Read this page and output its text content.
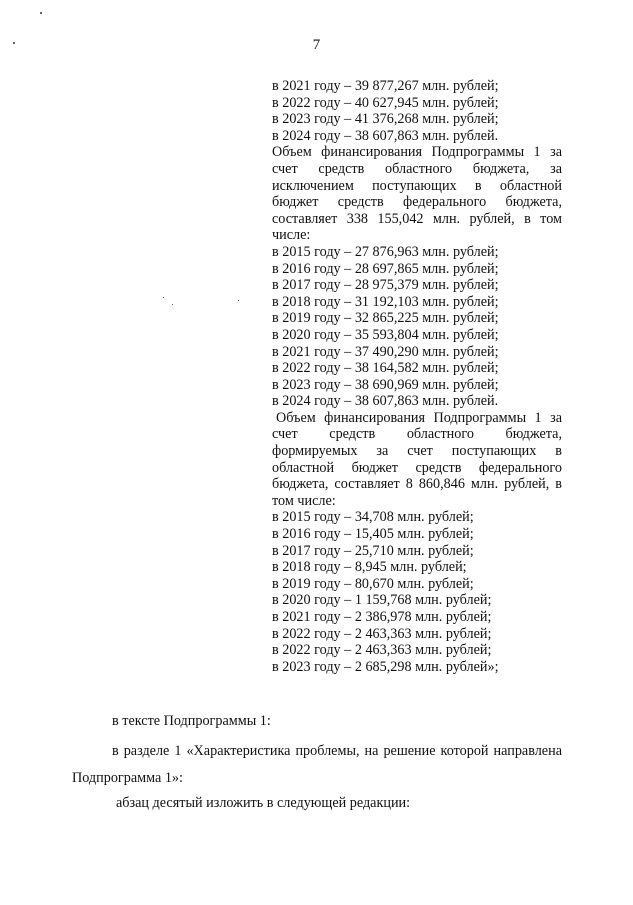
7
в 2021 году – 39 877,267 млн. рублей;
в 2022 году – 40 627,945 млн. рублей;
в 2023 году – 41 376,268 млн. рублей;
в 2024 году – 38 607,863 млн. рублей.
Объем финансирования Подпрограммы 1 за счет средств областного бюджета, за исключением поступающих в областной бюджет средств федерального бюджета, составляет 338 155,042 млн. рублей, в том числе:
в 2015 году – 27 876,963 млн. рублей;
в 2016 году – 28 697,865 млн. рублей;
в 2017 году – 28 975,379 млн. рублей;
в 2018 году – 31 192,103 млн. рублей;
в 2019 году – 32 865,225 млн. рублей;
в 2020 году – 35 593,804 млн. рублей;
в 2021 году – 37 490,290 млн. рублей;
в 2022 году – 38 164,582 млн. рублей;
в 2023 году – 38 690,969 млн. рублей;
в 2024 году – 38 607,863 млн. рублей.
Объем финансирования Подпрограммы 1 за счет средств областного бюджета, формируемых за счет поступающих в областной бюджет средств федерального бюджета, составляет 8 860,846 млн. рублей, в том числе:
в 2015 году – 34,708 млн. рублей;
в 2016 году – 15,405 млн. рублей;
в 2017 году – 25,710 млн. рублей;
в 2018 году – 8,945 млн. рублей;
в 2019 году – 80,670 млн. рублей;
в 2020 году – 1 159,768 млн. рублей;
в 2021 году – 2 386,978 млн. рублей;
в 2022 году – 2 463,363 млн. рублей;
в 2022 году – 2 463,363 млн. рублей;
в 2023 году – 2 685,298 млн. рублей»;
в тексте Подпрограммы 1:
в разделе 1 «Характеристика проблемы, на решение которой направлена Подпрограмма 1»:
абзац десятый изложить в следующей редакции:
